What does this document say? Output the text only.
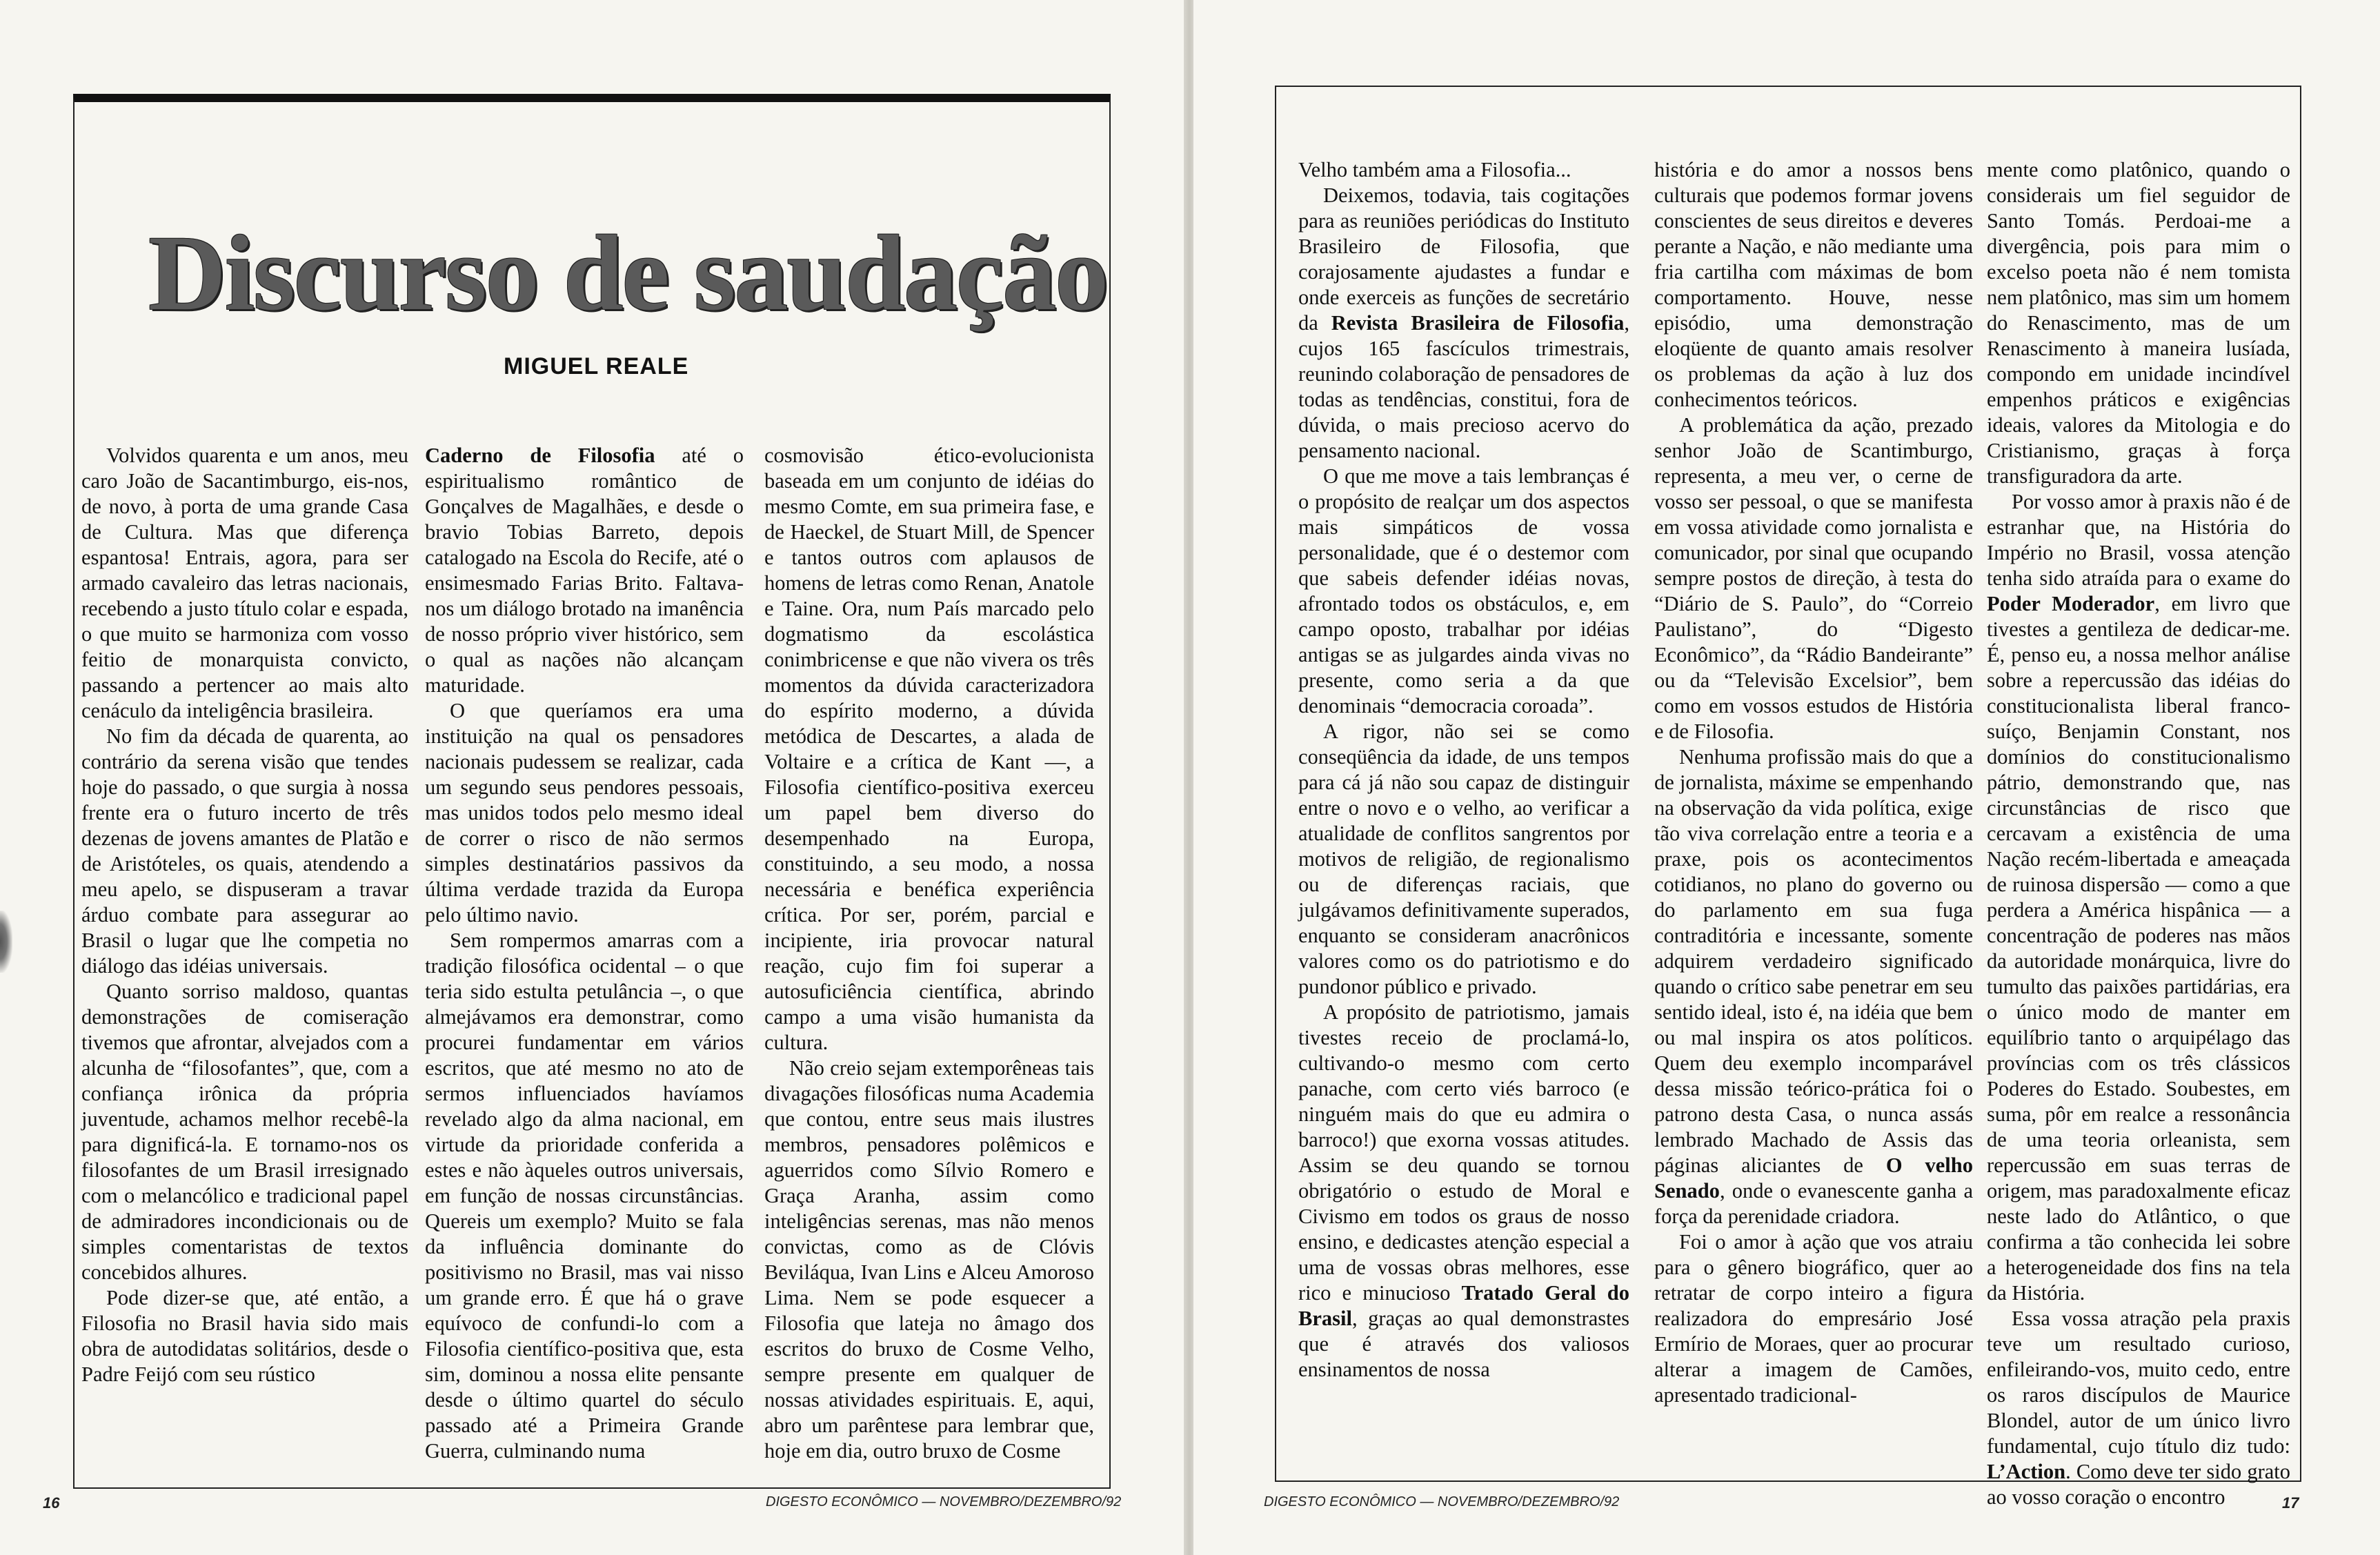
Discurso de saudação
MIGUEL REALE

Volvidos quarenta e um anos, meu caro João de Sacantimburgo, eis-nos, de novo, à porta de uma grande Casa de Cultura. Mas que diferença espantosa! Entrais, agora, para ser armado cavaleiro das letras nacionais, recebendo a justo título colar e espada, o que muito se harmoniza com vosso feitio de monarquista convicto, passando a pertencer ao mais alto cenáculo da inteligência brasileira.

No fim da década de quarenta, ao contrário da serena visão que tendes hoje do passado, o que surgia à nossa frente era o futuro incerto de três dezenas de jovens amantes de Platão e de Aristóteles, os quais, atendendo a meu apelo, se dispuseram a travar árduo combate para assegurar ao Brasil o lugar que lhe competia no diálogo das idéias universais.

Quanto sorriso maldoso, quantas demonstrações de comiseração tivemos que afrontar, alvejados com a alcunha de “filosofantes”, que, com a confiança irônica da própria juventude, achamos melhor recebê-la para dignificá-la. E tornamo-nos os filosofantes de um Brasil irresignado com o melancólico e tradicional papel de admiradores incondicionais ou de simples comentaristas de textos concebidos alhures.

Pode dizer-se que, até então, a Filosofia no Brasil havia sido mais obra de autodidatas solitários, desde o Padre Feijó com seu rústico

Caderno de Filosofia até o espiritualismo romântico de Gonçalves de Magalhães, e desde o bravio Tobias Barreto, depois catalogado na Escola do Recife, até o ensimesmado Farias Brito. Faltava-nos um diálogo brotado na imanência de nosso próprio viver histórico, sem o qual as nações não alcançam maturidade.

O que queríamos era uma instituição na qual os pensadores nacionais pudessem se realizar, cada um segundo seus pendores pessoais, mas unidos todos pelo mesmo ideal de correr o risco de não sermos simples destinatários passivos da última verdade trazida da Europa pelo último navio.

Sem rompermos amarras com a tradição filosófica ocidental – o que teria sido estulta petulância –, o que almejávamos era demonstrar, como procurei fundamentar em vários escritos, que até mesmo no ato de sermos influenciados havíamos revelado algo da alma nacional, em virtude da prioridade conferida a estes e não àqueles outros universais, em função de nossas circunstâncias. Quereis um exemplo? Muito se fala da influência dominante do positivismo no Brasil, mas vai nisso um grande erro. É que há o grave equívoco de confundi-lo com a Filosofia científico-positiva que, esta sim, dominou a nossa elite pensante desde o último quartel do século passado até a Primeira Grande Guerra, culminando numa

cosmovisão ético-evolucionista baseada em um conjunto de idéias do mesmo Comte, em sua primeira fase, e de Haeckel, de Stuart Mill, de Spencer e tantos outros com aplausos de homens de letras como Renan, Anatole e Taine. Ora, num País marcado pelo dogmatismo da escolástica conimbricense e que não vivera os três momentos da dúvida caracterizadora do espírito moderno, a dúvida metódica de Descartes, a alada de Voltaire e a crítica de Kant —, a Filosofia científico-positiva exerceu um papel bem diverso do desempenhado na Europa, constituindo, a seu modo, a nossa necessária e benéfica experiência crítica. Por ser, porém, parcial e incipiente, iria provocar natural reação, cujo fim foi superar a autosuficiência científica, abrindo campo a uma visão humanista da cultura.

Não creio sejam extemporêneas tais divagações filosóficas numa Academia que contou, entre seus mais ilustres membros, pensadores polêmicos e aguerridos como Sílvio Romero e Graça Aranha, assim como inteligências serenas, mas não menos convictas, como as de Clóvis Beviláqua, Ivan Lins e Alceu Amoroso Lima. Nem se pode esquecer a Filosofia que lateja no âmago dos escritos do bruxo de Cosme Velho, sempre presente em qualquer de nossas atividades espirituais. E, aqui, abro um parêntese para lembrar que, hoje em dia, outro bruxo de Cosme

16	DIGESTO ECONÔMICO — NOVEMBRO/DEZEMBRO/92

Velho também ama a Filosofia...

Deixemos, todavia, tais cogitações para as reuniões periódicas do Instituto Brasileiro de Filosofia, que corajosamente ajudastes a fundar e onde exerceis as funções de secretário da Revista Brasileira de Filosofia, cujos 165 fascículos trimestrais, reunindo colaboração de pensadores de todas as tendências, constitui, fora de dúvida, o mais precioso acervo do pensamento nacional.

O que me move a tais lembranças é o propósito de realçar um dos aspectos mais simpáticos de vossa personalidade, que é o destemor com que sabeis defender idéias novas, afrontado todos os obstáculos, e, em campo oposto, trabalhar por idéias antigas se as julgardes ainda vivas no presente, como seria a da que denominais “democracia coroada”.

A rigor, não sei se como conseqüência da idade, de uns tempos para cá já não sou capaz de distinguir entre o novo e o velho, ao verificar a atualidade de conflitos sangrentos por motivos de religião, de regionalismo ou de diferenças raciais, que julgávamos definitivamente superados, enquanto se consideram anacrônicos valores como os do patriotismo e do pundonor público e privado.

A propósito de patriotismo, jamais tivestes receio de proclamá-lo, cultivando-o mesmo com certo panache, com certo viés barroco (e ninguém mais do que eu admira o barroco!) que exorna vossas atitudes. Assim se deu quando se tornou obrigatório o estudo de Moral e Civismo em todos os graus de nosso ensino, e dedicastes atenção especial a uma de vossas obras melhores, esse rico e minucioso Tratado Geral do Brasil, graças ao qual demonstrastes que é através dos valiosos ensinamentos de nossa

história e do amor a nossos bens culturais que podemos formar jovens conscientes de seus direitos e deveres perante a Nação, e não mediante uma fria cartilha com máximas de bom comportamento. Houve, nesse episódio, uma demonstração eloqüente de quanto amais resolver os problemas da ação à luz dos conhecimentos teóricos.

A problemática da ação, prezado senhor João de Scantimburgo, representa, a meu ver, o cerne de vosso ser pessoal, o que se manifesta em vossa atividade como jornalista e comunicador, por sinal que ocupando sempre postos de direção, à testa do “Diário de S. Paulo”, do “Correio Paulistano”, do “Digesto Econômico”, da “Rádio Bandeirante” ou da “Televisão Excelsior”, bem como em vossos estudos de História e de Filosofia.

Nenhuma profissão mais do que a de jornalista, máxime se empenhando na observação da vida política, exige tão viva correlação entre a teoria e a praxe, pois os acontecimentos cotidianos, no plano do governo ou do parlamento em sua fuga contraditória e incessante, somente adquirem verdadeiro significado quando o crítico sabe penetrar em seu sentido ideal, isto é, na idéia que bem ou mal inspira os atos políticos. Quem deu exemplo incomparável dessa missão teórico-prática foi o patrono desta Casa, o nunca assás lembrado Machado de Assis das páginas aliciantes de O velho Senado, onde o evanescente ganha a força da perenidade criadora.

Foi o amor à ação que vos atraiu para o gênero biográfico, quer ao retratar de corpo inteiro a figura realizadora do empresário José Ermírio de Moraes, quer ao procurar alterar a imagem de Camões, apresentado tradicional-

mente como platônico, quando o considerais um fiel seguidor de Santo Tomás. Perdoai-me a divergência, pois para mim o excelso poeta não é nem tomista nem platônico, mas sim um homem do Renascimento, mas de um Renascimento à maneira lusíada, compondo em unidade incindível empenhos práticos e exigências ideais, valores da Mitologia e do Cristianismo, graças à força transfiguradora da arte.

Por vosso amor à praxis não é de estranhar que, na História do Império no Brasil, vossa atenção tenha sido atraída para o exame do Poder Moderador, em livro que tivestes a gentileza de dedicar-me. É, penso eu, a nossa melhor análise sobre a repercussão das idéias do constitucionalista liberal franco-suíço, Benjamin Constant, nos domínios do constitucionalismo pátrio, demonstrando que, nas circunstâncias de risco que cercavam a existência de uma Nação recém-libertada e ameaçada de ruinosa dispersão — como a que perdera a América hispânica — a concentração de poderes nas mãos da autoridade monárquica, livre do tumulto das paixões partidárias, era o único modo de manter em equilíbrio tanto o arquipélago das províncias com os três clássicos Poderes do Estado. Soubestes, em suma, pôr em realce a ressonância de uma teoria orleanista, sem repercussão em suas terras de origem, mas paradoxalmente eficaz neste lado do Atlântico, o que confirma a tão conhecida lei sobre a heterogeneidade dos fins na tela da História.

Essa vossa atração pela praxis teve um resultado curioso, enfileirando-vos, muito cedo, entre os raros discípulos de Maurice Blondel, autor de um único livro fundamental, cujo título diz tudo: L’Action. Como deve ter sido grato ao vosso coração o encontro

DIGESTO ECONÔMICO — NOVEMBRO/DEZEMBRO/92	17
